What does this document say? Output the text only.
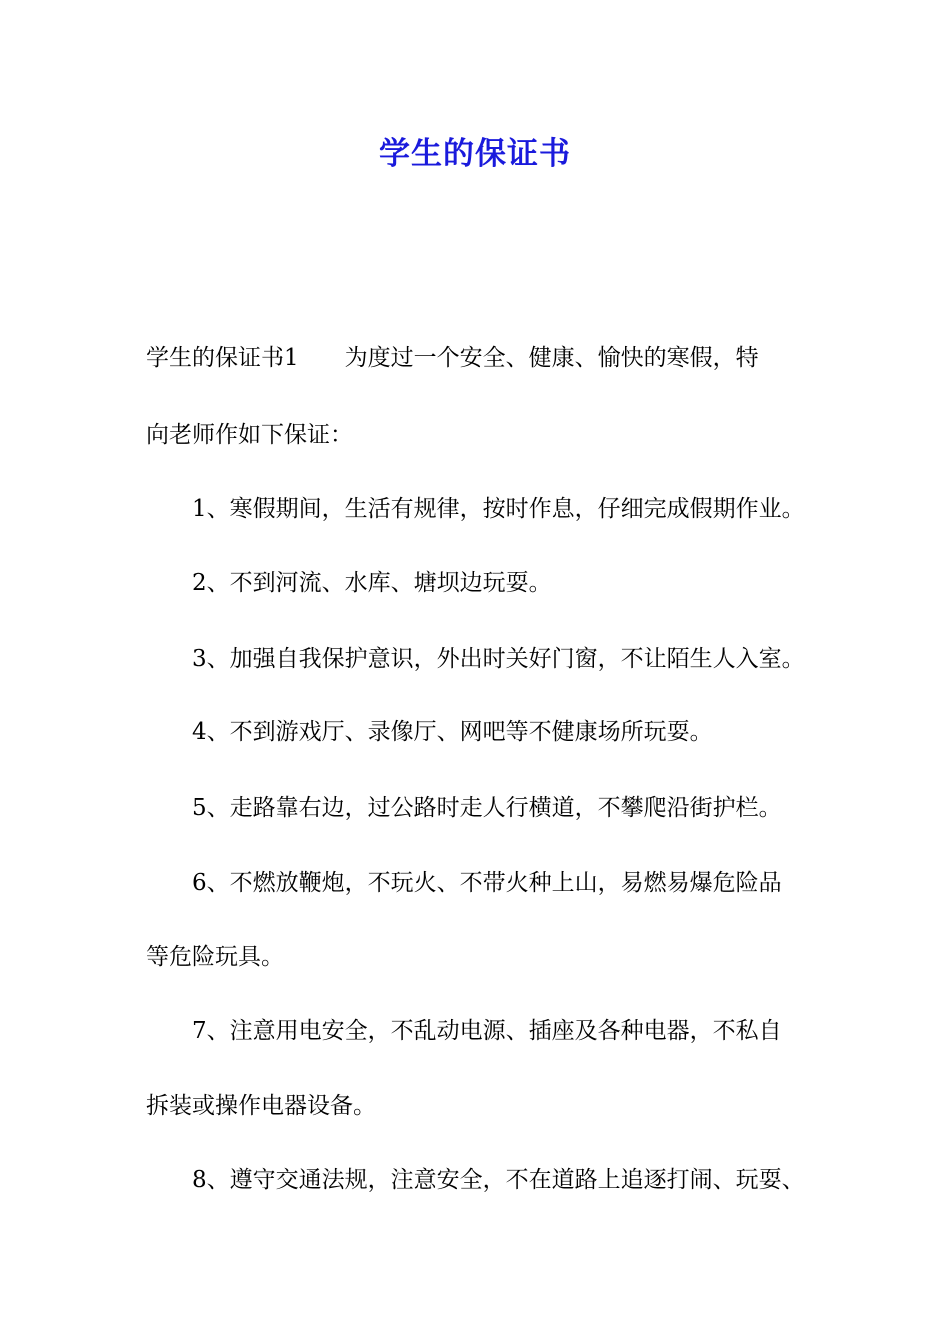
学生的保证书

学生的保证书1 为度过一个安全、健康、愉快的寒假，特

向老师作如下保证：

1、寒假期间，生活有规律，按时作息，仔细完成假期作业。

2、不到河流、水库、塘坝边玩耍。

3、加强自我保护意识，外出时关好门窗，不让陌生人入室。

4、不到游戏厅、录像厅、网吧等不健康场所玩耍。

5、走路靠右边，过公路时走人行横道，不攀爬沿街护栏。

6、不燃放鞭炮，不玩火、不带火种上山，易燃易爆危险品

等危险玩具。

7、注意用电安全，不乱动电源、插座及各种电器，不私自

拆装或操作电器设备。

8、遵守交通法规，注意安全，不在道路上追逐打闹、玩耍、
